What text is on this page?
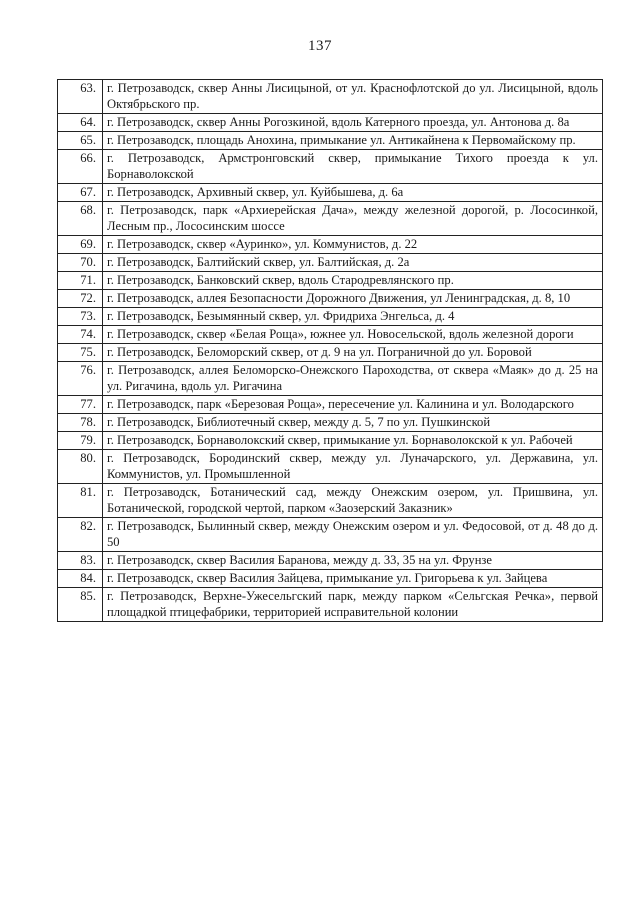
137
63.	г. Петрозаводск, сквер Анны Лисицыной, от ул. Краснофлотской до ул. Лисицыной, вдоль Октябрьского пр.
64.	г. Петрозаводск, сквер Анны Рогозкиной, вдоль Катерного проезда, ул. Антонова д. 8а
65.	г. Петрозаводск, площадь Анохина, примыкание ул. Антикайнена к Первомайскому пр.
66.	г. Петрозаводск, Армстронговский сквер, примыкание Тихого проезда к ул. Борнаволокской
67.	г. Петрозаводск, Архивный сквер, ул. Куйбышева, д. 6а
68.	г. Петрозаводск, парк «Архиерейская Дача», между железной дорогой, р. Лососинкой, Лесным пр., Лососинским шоссе
69.	г. Петрозаводск, сквер «Ауринко», ул. Коммунистов, д. 22
70.	г. Петрозаводск, Балтийский сквер, ул. Балтийская, д. 2а
71.	г. Петрозаводск, Банковский сквер, вдоль Стародревлянского пр.
72.	г. Петрозаводск, аллея Безопасности Дорожного Движения, ул Ленинградская, д. 8, 10
73.	г. Петрозаводск, Безымянный сквер, ул. Фридриха Энгельса, д. 4
74.	г. Петрозаводск, сквер «Белая Роща», южнее ул. Новосельской, вдоль железной дороги
75.	г. Петрозаводск, Беломорский сквер, от д. 9 на ул. Пограничной до ул. Боровой
76.	г. Петрозаводск, аллея Беломорско-Онежского Пароходства, от сквера «Маяк» до д. 25 на ул. Ригачина, вдоль ул. Ригачина
77.	г. Петрозаводск, парк «Березовая Роща», пересечение ул. Калинина и ул. Володарского
78.	г. Петрозаводск, Библиотечный сквер, между д. 5, 7 по ул. Пушкинской
79.	г. Петрозаводск, Борнаволокский сквер, примыкание ул. Борнаволокской к ул. Рабочей
80.	г. Петрозаводск, Бородинский сквер, между ул. Луначарского, ул. Державина, ул. Коммунистов, ул. Промышленной
81.	г. Петрозаводск, Ботанический сад, между Онежским озером, ул. Пришвина, ул. Ботанической, городской чертой, парком «Заозерский Заказник»
82.	г. Петрозаводск, Былинный сквер, между Онежским озером и ул. Федосовой, от д. 48 до д. 50
83.	г. Петрозаводск, сквер Василия Баранова, между д. 33, 35 на ул. Фрунзе
84.	г. Петрозаводск, сквер Василия Зайцева, примыкание ул. Григорьева к ул. Зайцева
85.	г. Петрозаводск, Верхне-Ужесельгский парк, между парком «Сельгская Речка», первой площадкой птицефабрики, территорией исправительной колонии
